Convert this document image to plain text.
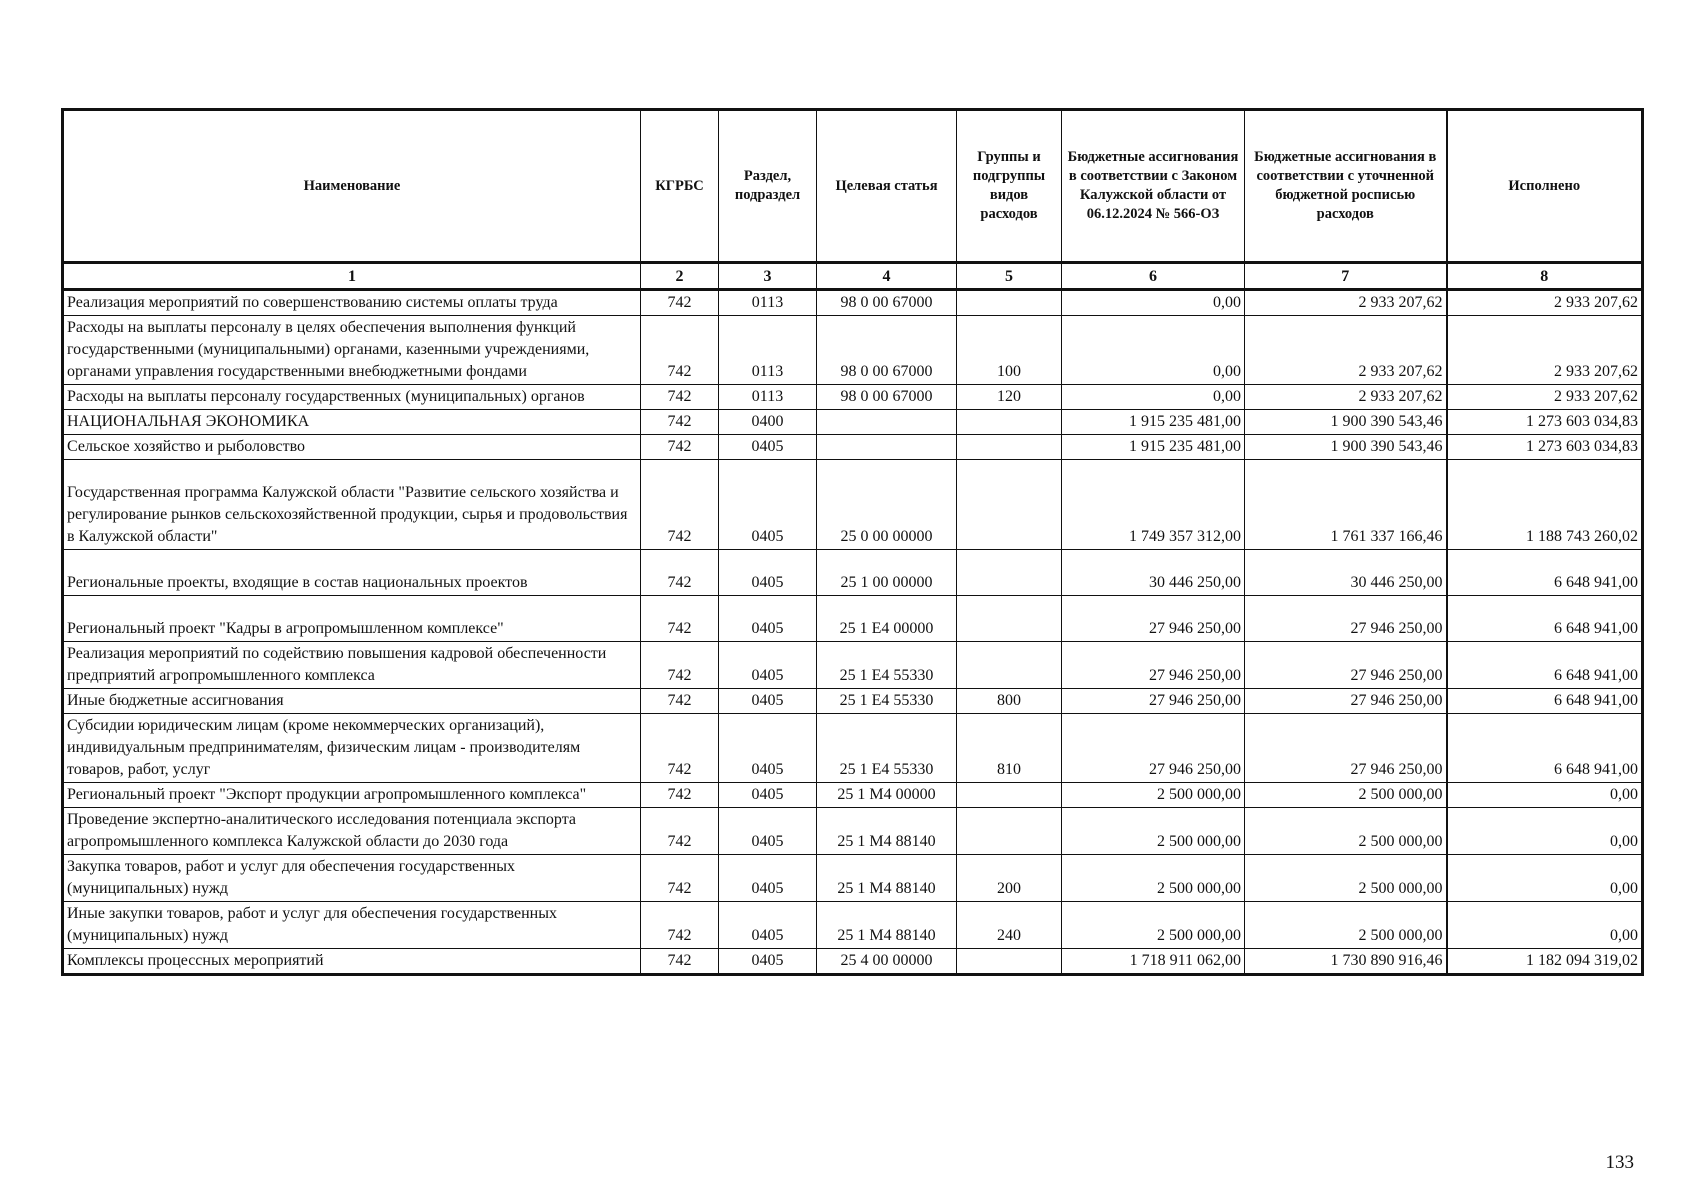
Наименование	КГРБС	Раздел, подраздел	Целевая статья	Группы и подгруппы видов расходов	Бюджетные ассигнования в соответствии с Законом Калужской области от 06.12.2024 № 566-ОЗ	Бюджетные ассигнования в соответствии с уточненной бюджетной росписью расходов	Исполнено
1	2	3	4	5	6	7	8
Реализация мероприятий по совершенствованию системы оплаты труда	742	0113	98 0 00 67000		0,00	2 933 207,62	2 933 207,62
Расходы на выплаты персоналу в целях обеспечения выполнения функций государственными (муниципальными) органами, казенными учреждениями, органами управления государственными внебюджетными фондами	742	0113	98 0 00 67000	100	0,00	2 933 207,62	2 933 207,62
Расходы на выплаты персоналу государственных (муниципальных) органов	742	0113	98 0 00 67000	120	0,00	2 933 207,62	2 933 207,62
НАЦИОНАЛЬНАЯ ЭКОНОМИКА	742	0400			1 915 235 481,00	1 900 390 543,46	1 273 603 034,83
Сельское хозяйство и рыболовство	742	0405			1 915 235 481,00	1 900 390 543,46	1 273 603 034,83
Государственная программа Калужской области "Развитие сельского хозяйства и регулирование рынков сельскохозяйственной продукции, сырья и продовольствия в Калужской области"	742	0405	25 0 00 00000		1 749 357 312,00	1 761 337 166,46	1 188 743 260,02
Региональные проекты, входящие в состав национальных проектов	742	0405	25 1 00 00000		30 446 250,00	30 446 250,00	6 648 941,00
Региональный проект "Кадры в агропромышленном комплексе"	742	0405	25 1 Е4 00000		27 946 250,00	27 946 250,00	6 648 941,00
Реализация мероприятий по содействию повышения кадровой обеспеченности предприятий агропромышленного комплекса	742	0405	25 1 Е4 55330		27 946 250,00	27 946 250,00	6 648 941,00
Иные бюджетные ассигнования	742	0405	25 1 Е4 55330	800	27 946 250,00	27 946 250,00	6 648 941,00
Субсидии юридическим лицам (кроме некоммерческих организаций), индивидуальным предпринимателям, физическим лицам - производителям товаров, работ, услуг	742	0405	25 1 Е4 55330	810	27 946 250,00	27 946 250,00	6 648 941,00
Региональный проект "Экспорт продукции агропромышленного комплекса"	742	0405	25 1 М4 00000		2 500 000,00	2 500 000,00	0,00
Проведение экспертно-аналитического исследования потенциала экспорта агропромышленного комплекса Калужской области до 2030 года	742	0405	25 1 М4 88140		2 500 000,00	2 500 000,00	0,00
Закупка товаров, работ и услуг для обеспечения государственных (муниципальных) нужд	742	0405	25 1 М4 88140	200	2 500 000,00	2 500 000,00	0,00
Иные закупки товаров, работ и услуг для обеспечения государственных (муниципальных) нужд	742	0405	25 1 М4 88140	240	2 500 000,00	2 500 000,00	0,00
Комплексы процессных мероприятий	742	0405	25 4 00 00000		1 718 911 062,00	1 730 890 916,46	1 182 094 319,02
133
